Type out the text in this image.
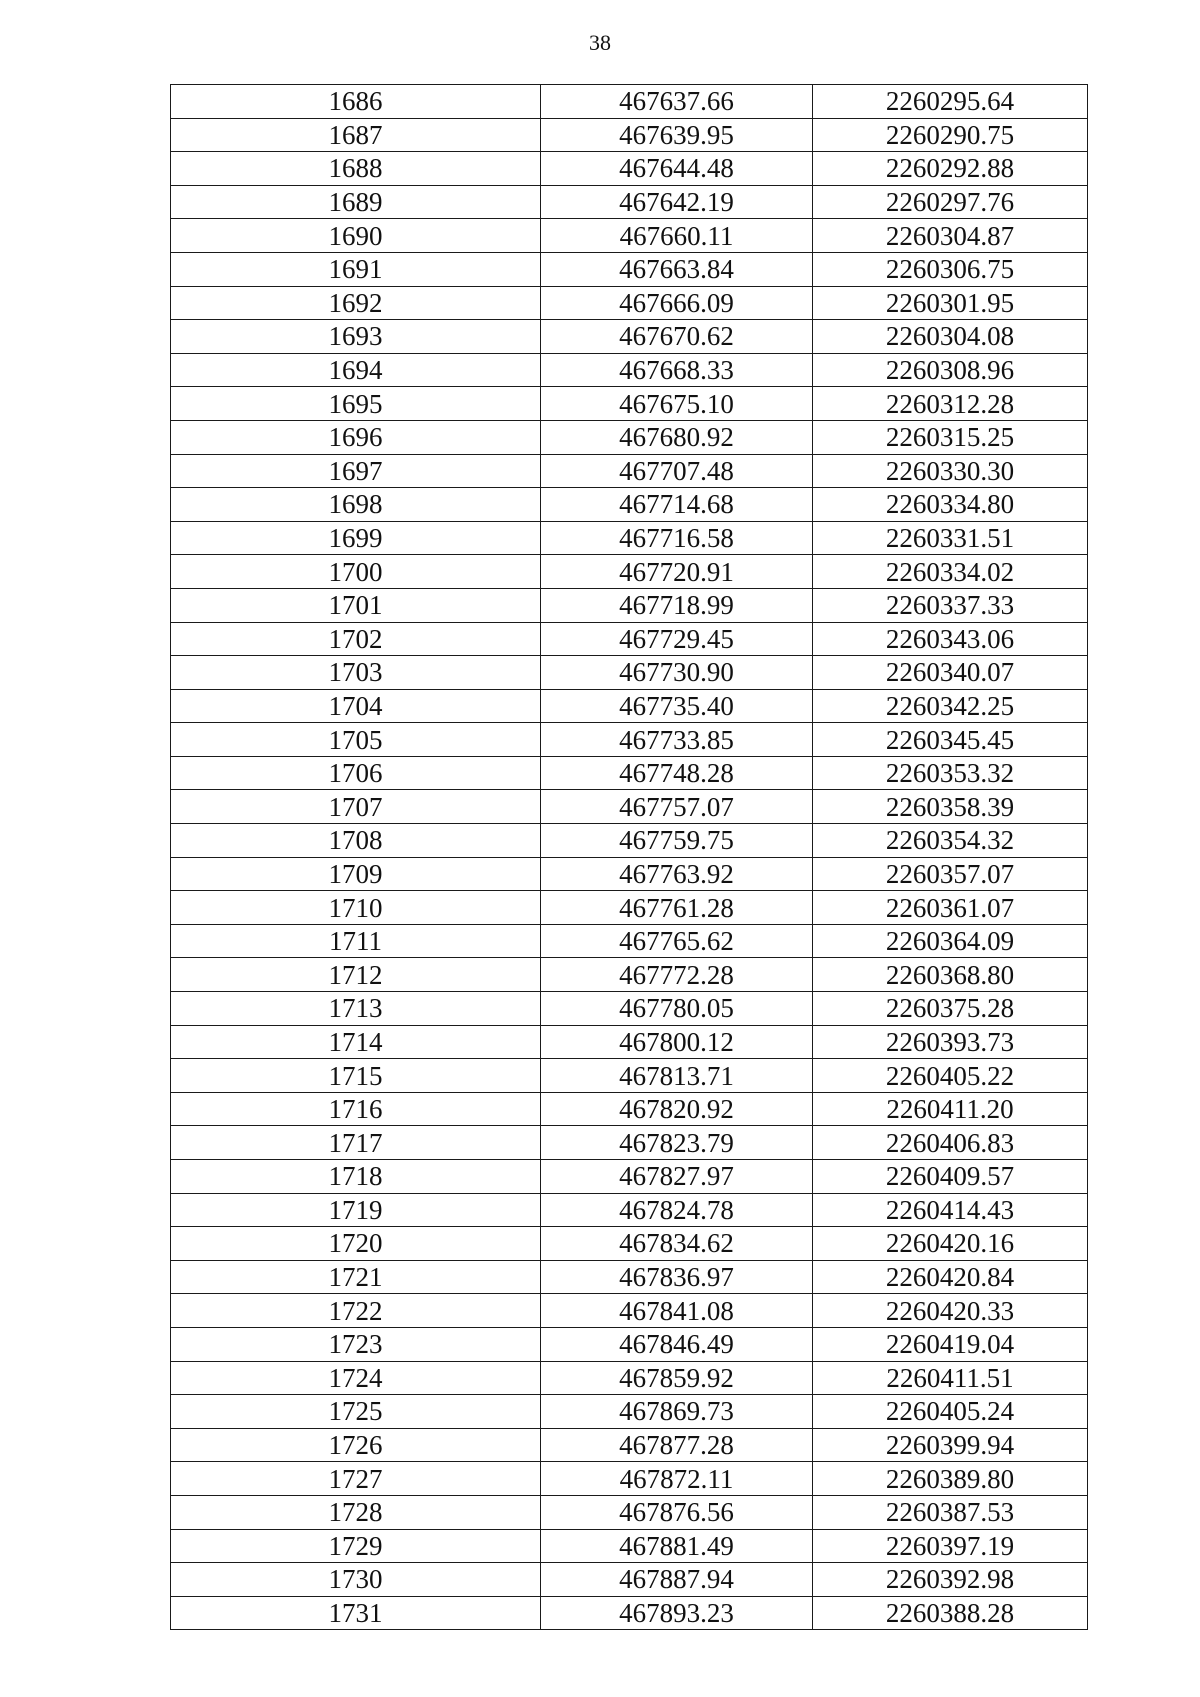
38
1686	467637.66	2260295.64
1687	467639.95	2260290.75
1688	467644.48	2260292.88
1689	467642.19	2260297.76
1690	467660.11	2260304.87
1691	467663.84	2260306.75
1692	467666.09	2260301.95
1693	467670.62	2260304.08
1694	467668.33	2260308.96
1695	467675.10	2260312.28
1696	467680.92	2260315.25
1697	467707.48	2260330.30
1698	467714.68	2260334.80
1699	467716.58	2260331.51
1700	467720.91	2260334.02
1701	467718.99	2260337.33
1702	467729.45	2260343.06
1703	467730.90	2260340.07
1704	467735.40	2260342.25
1705	467733.85	2260345.45
1706	467748.28	2260353.32
1707	467757.07	2260358.39
1708	467759.75	2260354.32
1709	467763.92	2260357.07
1710	467761.28	2260361.07
1711	467765.62	2260364.09
1712	467772.28	2260368.80
1713	467780.05	2260375.28
1714	467800.12	2260393.73
1715	467813.71	2260405.22
1716	467820.92	2260411.20
1717	467823.79	2260406.83
1718	467827.97	2260409.57
1719	467824.78	2260414.43
1720	467834.62	2260420.16
1721	467836.97	2260420.84
1722	467841.08	2260420.33
1723	467846.49	2260419.04
1724	467859.92	2260411.51
1725	467869.73	2260405.24
1726	467877.28	2260399.94
1727	467872.11	2260389.80
1728	467876.56	2260387.53
1729	467881.49	2260397.19
1730	467887.94	2260392.98
1731	467893.23	2260388.28
